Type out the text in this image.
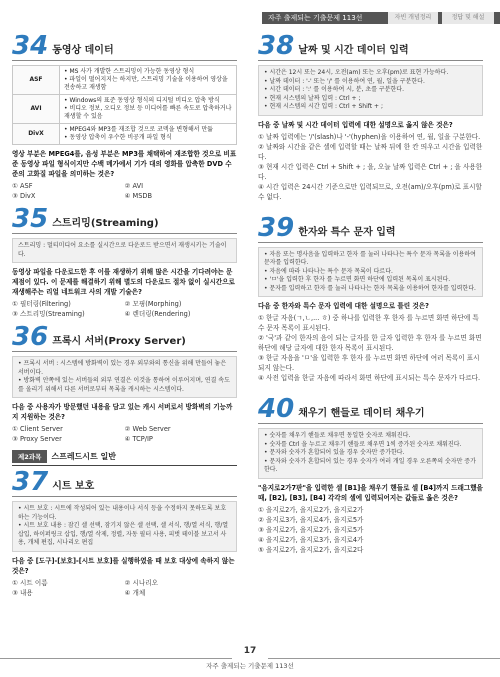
자주 출제되는 기출문제 113선	자빈 개념정리	정답 및 해설
34 동영상 데이터
ASF	• MS 사가 개발한 스트리밍이 가능한 동영상 형식
• 파일이 떨어지지는 하지만, 스트리밍 기술을 이용하여 영상을 전송하고 재생함

AVI	• Windows의 표준 동영상 형식의 디지털 비디오 압축 방식
• 비디오 정보, 오디오 정보 등 미디어를 빠른 속도로 압축하거나 재생할 수 있음

DivX	• MPEG4와 MP3를 재조합 것으로 코덱을 변형해서 만듦
• 동영상 압축이 우수한 비공개 파일 형식
영상 부분은 MPEG4를, 음성 부분은 MP3를 채택하여 재조합한 것으로 비표준 동영상 파일 형식이지만 수백 메가에서 기가 대의 영화를 압축한 DVD 수준의 고화질 파일을 의미하는 것은?
① ASF	② AVI
③ DivX	④ MSDB
35 스트리밍(Streaming)

스트리밍 : 멀티미디어 요소를 실시간으로 다운로드 받으면서 재생시키는 기술이다.

동영상 파일을 다운로드한 후 이를 재생하기 위해 많은 시간을 기다려야는 문제점이 있다. 이 문제를 해결하기 위해 별도의 다운로드 절차 없이 실시간으로 재생해주는 리얼 네트워크 사의 개발 기술은?
① 필터링(Filtering)	② 모핑(Morphing)
③ 스트리밍(Streaming)	④ 렌더링(Rendering)
36 프록시 서버(Proxy Server)

• 프록시 서버 : 시스템에 방화벽이 있는 경우 외부와의 통신을 위해 만들어 놓은 서버이다.

• 방화벽 안쪽에 있는 서버들의 외부 연결은 이것을 통하여 이루어지며, 연결 속도를 올리기 위해서 다른 서버로부터 목록을 캐시하는 시스템이다.

다음 중 사용자가 방문했던 내용을 담고 있는 캐시 서버로서 방화벽의 기능까지 지원하는 것은?
① Client Server	② Web Server
③ Proxy Server	④ TCP/IP
제2과목	스프레드시트 일반
37 시트 보호

• 시트 보호 : 시트에 작성되어 있는 내용이나 서식 등을 수정하지 못하도록 보호하는 기능이다.

• 시트 보호 내용 : 잠긴 셀 선택, 잠기지 않은 셀 선택, 셀 서식, 행/열 서식, 행/열 삽입, 하이퍼링크 삽입, 행/열 삭제, 정렬, 자동 필터 사용, 피벗 테이블 보고서 사용, 개체 편집, 시나리오 편집

다음 중 [도구]-[보호]-[시트 보호]를 실행하였을 때 보호 대상에 속하지 않는 것은?
① 시트 이름	② 시나리오
③ 내용	④ 개체
38 날짜 및 시간 데이터 입력

• 시간은 12시 또는 24시, 오전(am) 또는 오후(pm)로 표현 가능하다.

• 날짜 데이터 : '-' 또는 '/' 를 이용하여 연, 월, 일을 구분한다.

• 시간 데이터 : ':' 를 이용하여 시, 분, 초를 구분한다.

• 현재 시스템의 날짜 입력 : Ctrl + ;

• 현재 시스템의 시간 입력 : Ctrl + Shift + ;

다음 중 날짜 및 시간 데이터 입력에 대한 설명으로 옳지 않은 것은?
① 날짜 입력에는 '/'(slash)나 '-'(hyphen)을 이용하여 연, 월, 일을 구분한다.
② 날짜와 시간을 같은 셀에 입력할 때는 날짜 뒤에 한 칸 띄우고 시간을 입력한다.
③ 현재 시간 입력은 Ctrl + Shift + ; 을, 오늘 날짜 입력은 Ctrl + ; 을 사용한다.
④ 시간 입력은 24시간 기준으로만 입력되므로, 오전(am)/오후(pm)로 표시할 수 없다.
39 한자와 특수 문자 입력

• 자음 또는 명사음을 입력하고 한자 를 눌러 나타나는 특수 문자 목록을 이용하여 문자를 입력한다.

• 자음에 따라 나타나는 특수 문자 목록이 다르다.

• 'ㅁ'을 입력한 후 한자 를 누르면 화면 하단에 입력된 목록이 표시된다.

• 문자를 입력하고 한자 를 눌러 나타나는 한자 목록을 이용하여 한자를 입력한다.

다음 중 한자와 특수 문자 입력에 대한 설명으로 틀린 것은?
① 한글 자음(ㄱ,ㄴ,... ㅎ) 중 하나를 입력한 후 한자 를 누르면 화면 하단에 특수 문자 목록이 표시된다.
② '국'과 같이 한자의 음이 되는 글자를 한 글자 입력한 후 한자 를 누르면 화면 하단에 해당 글자에 대한 한자 목록이 표시된다.
③ 한글 자음을 'ㅁ'을 입력한 후 한자 를 누르면 화면 하단에 여러 목록이 표시되지 않는다.
④ 사전 입력을 한글 자음에 따라서 화면 하단에 표시되는 특수 문자가 다르다.
40 채우기 핸들로 데이터 채우기

• 숫자를 채우기 핸들로 채우면 동일한 숫자로 채워진다.

• 숫자를 Ctrl 을 누르고 채우기 핸들로 채우면 1씩 증가된 숫자로 채워진다.

• 문자와 숫자가 혼합되어 있을 경우 숫자만 증가한다.

• 문자와 숫자가 혼합되어 있는 경우 숫자가 여러 개일 경우 오른쪽의 숫자만 증가한다.

"음지로2가7판"을 입력한 셀 [B1]을 채우기 핸들로 셀 [B4]까지 드래그했을 때, [B2], [B3], [B4] 각각의 셀에 입력되어지는 값들로 옳은 것은?
① 을지로2가, 을지로2가, 을지로2가
② 을지로3가, 을지로4가, 을지로5가
③ 을지로2가, 을지로2가, 을지로5가
④ 을지로2가, 을지로3가, 을지로4가
⑤ 을지로2가, 을지로2가, 을지로2다
17
자주 출제되는 기출문제 113선
